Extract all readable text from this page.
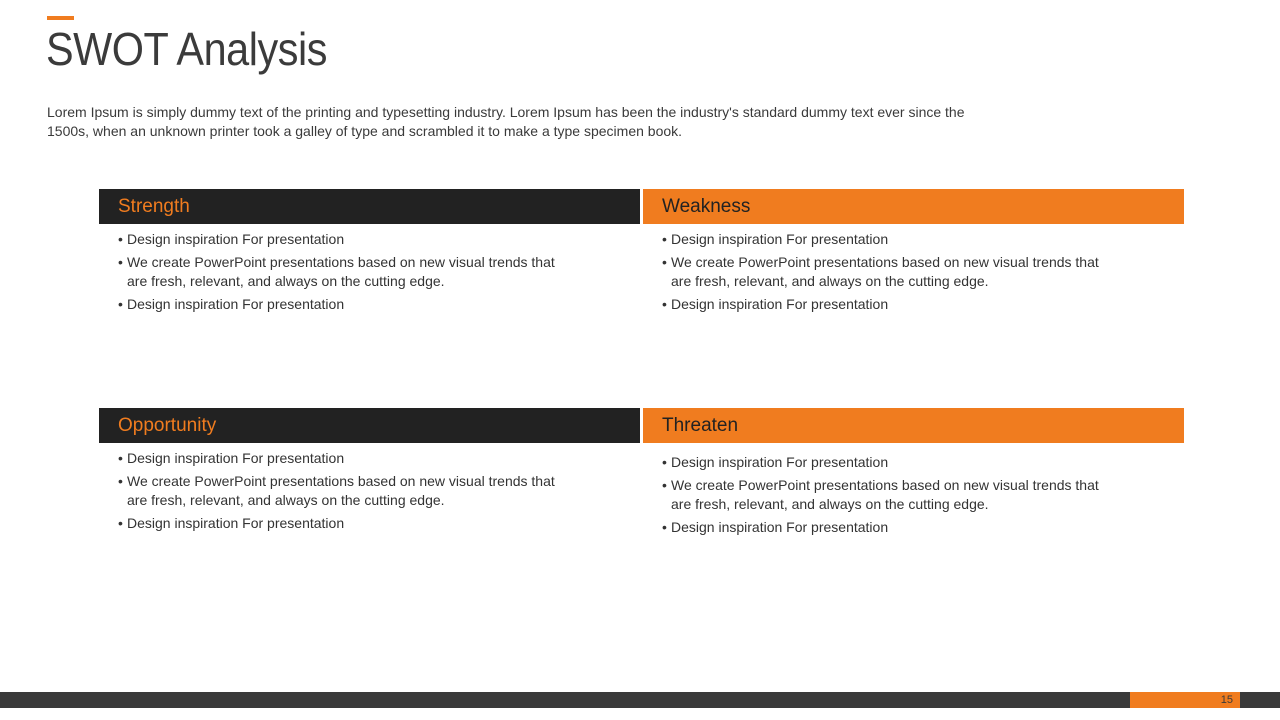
SWOT Analysis

Lorem Ipsum is simply dummy text of the printing and typesetting industry. Lorem Ipsum has been the industry's standard dummy text ever since the 1500s, when an unknown printer took a galley of type and scrambled it to make a type specimen book.

Strength
• Design inspiration For presentation
• We create PowerPoint presentations based on new visual trends that are fresh, relevant, and always on the cutting edge.
• Design inspiration For presentation
Weakness
• Design inspiration For presentation
• We create PowerPoint presentations based on new visual trends that are fresh, relevant, and always on the cutting edge.
• Design inspiration For presentation
Opportunity
• Design inspiration For presentation
• We create PowerPoint presentations based on new visual trends that are fresh, relevant, and always on the cutting edge.
• Design inspiration For presentation
Threaten
• Design inspiration For presentation
• We create PowerPoint presentations based on new visual trends that are fresh, relevant, and always on the cutting edge.
• Design inspiration For presentation
15
